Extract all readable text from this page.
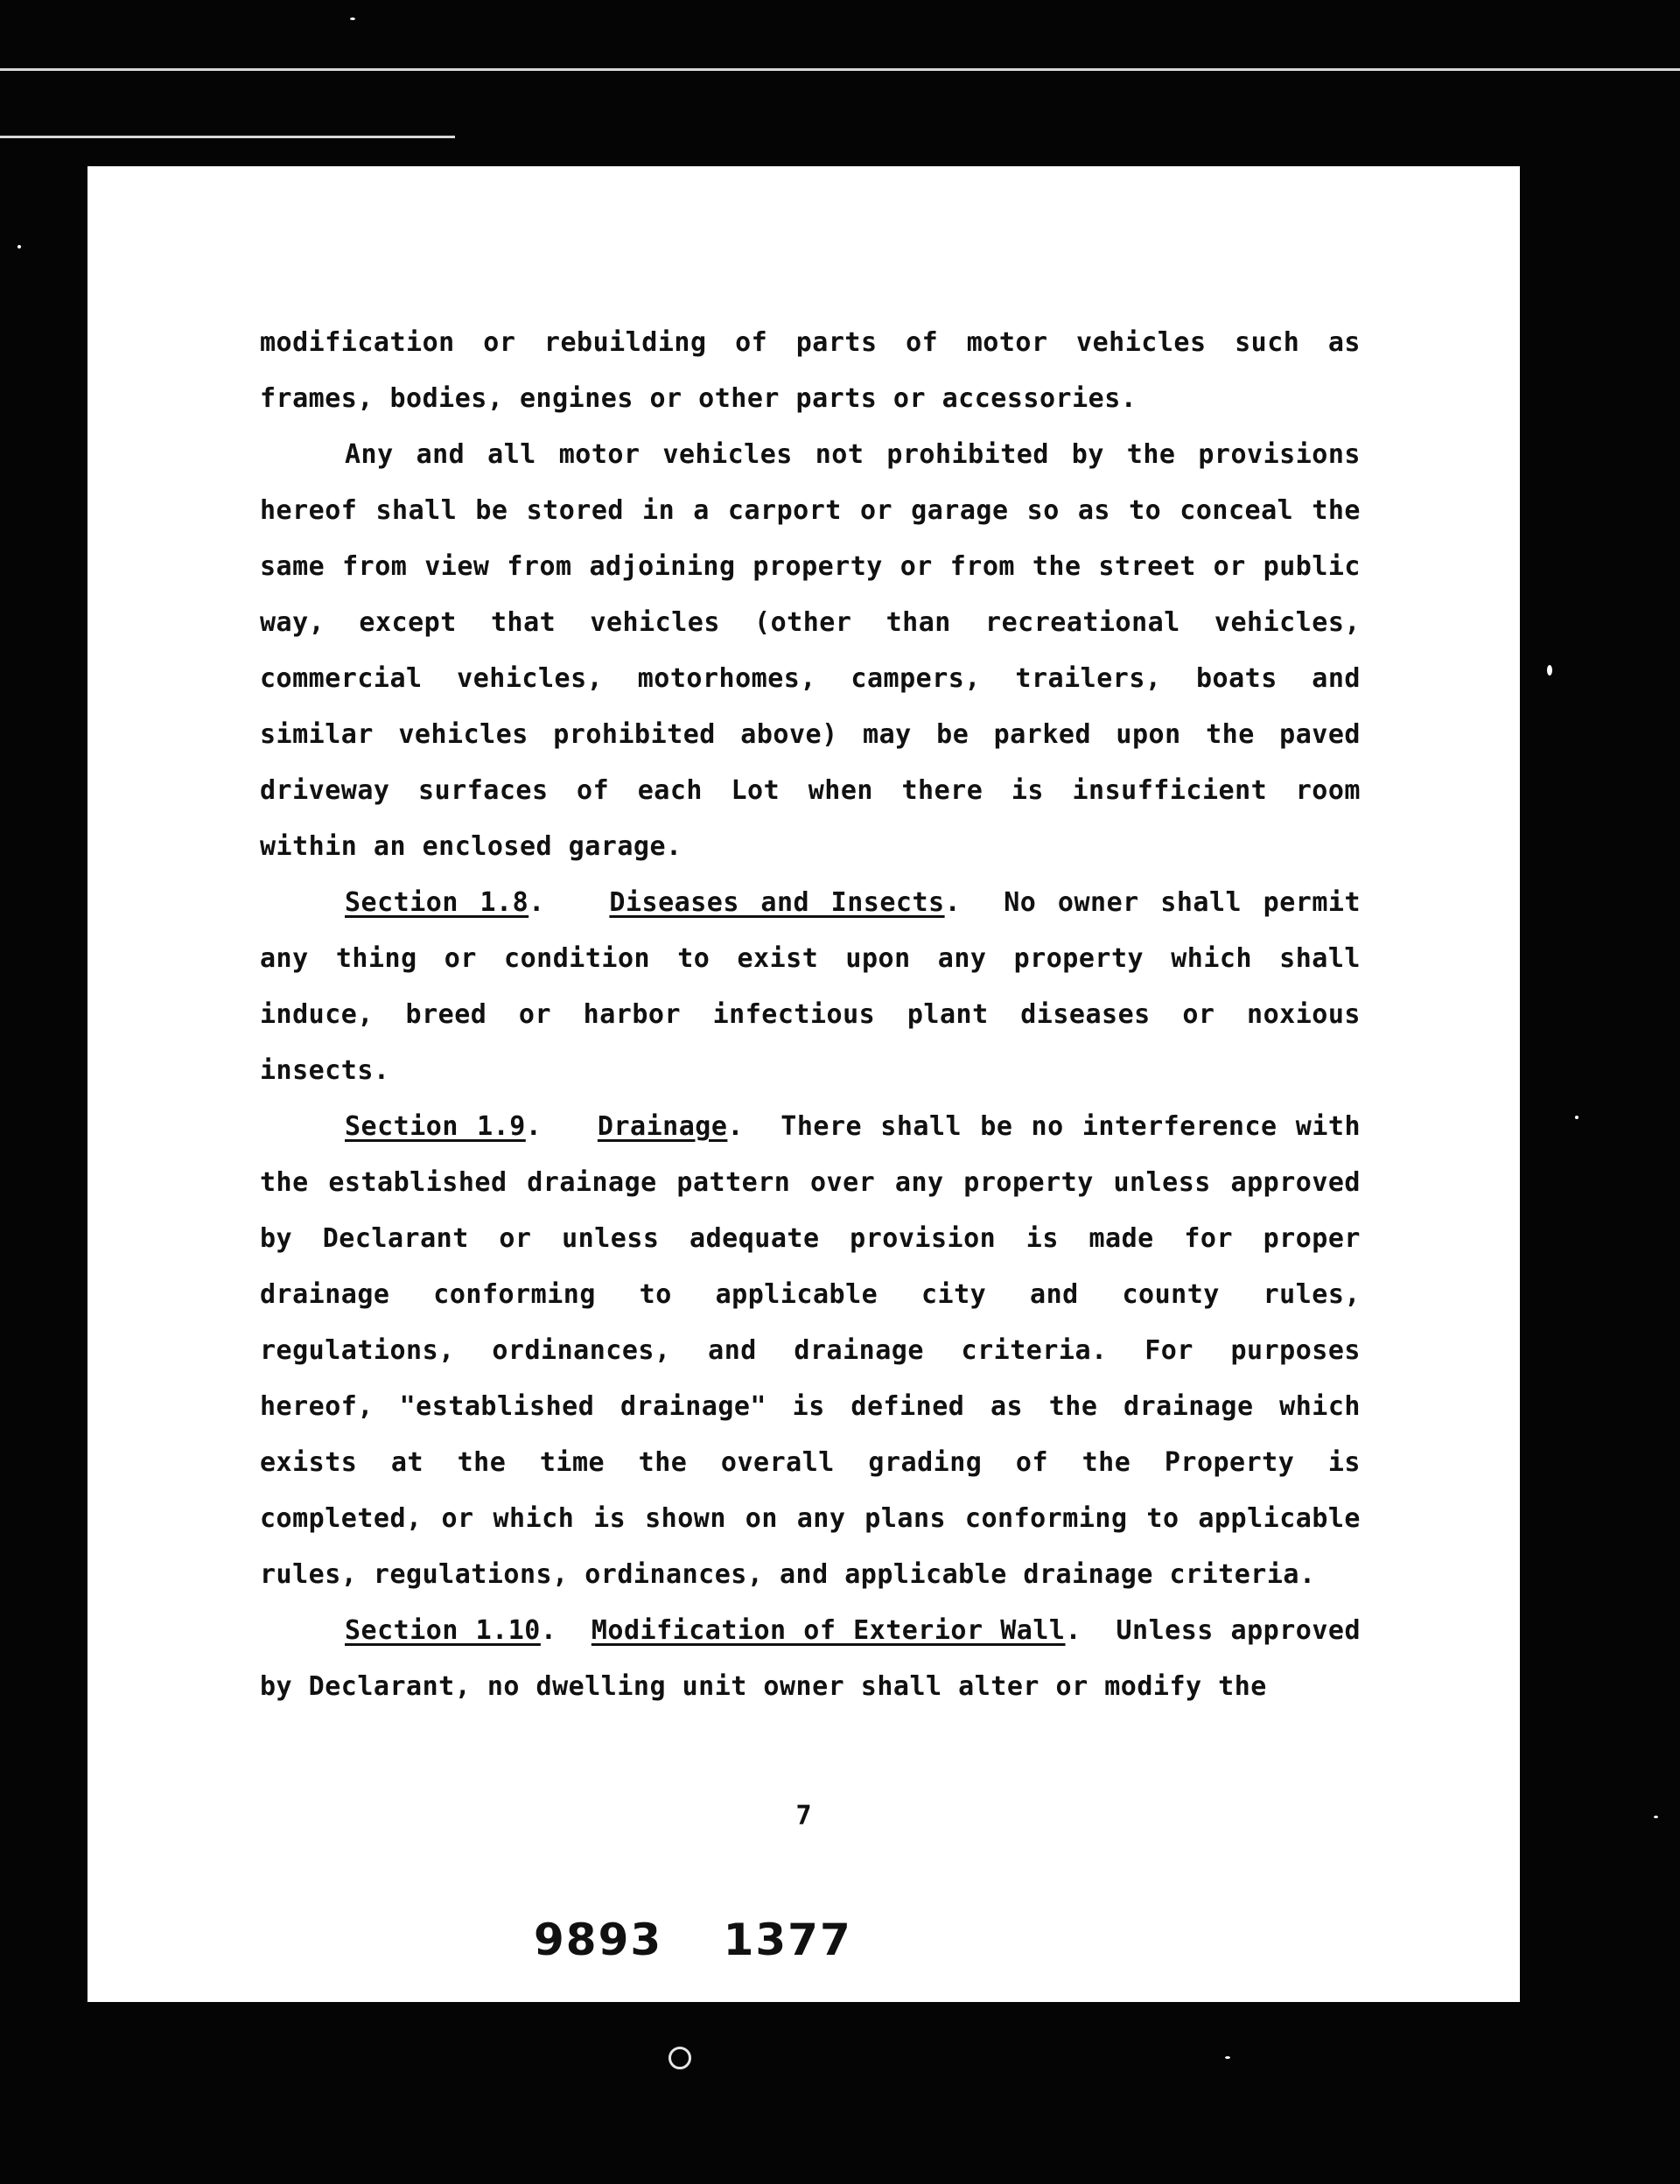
modification or rebuilding of parts of motor vehicles such as frames, bodies, engines or other parts or accessories.

Any and all motor vehicles not prohibited by the provisions hereof shall be stored in a carport or garage so as to conceal the same from view from adjoining property or from the street or public way, except that vehicles (other than recreational vehicles, commercial vehicles, motorhomes, campers, trailers, boats and similar vehicles prohibited above) may be parked upon the paved driveway surfaces of each Lot when there is insufficient room within an enclosed garage.

Section 1.8.   Diseases and Insects.  No owner shall permit any thing or condition to exist upon any property which shall induce, breed or harbor infectious plant diseases or noxious insects.

Section 1.9.   Drainage.  There shall be no interference with the established drainage pattern over any property unless approved by Declarant or unless adequate provision is made for proper drainage conforming to applicable city and county rules, regulations, ordinances, and drainage criteria. For purposes hereof, "established drainage" is defined as the drainage which exists at the time the overall grading of the Property is completed, or which is shown on any plans conforming to applicable rules, regulations, ordinances, and applicable drainage criteria.

Section 1.10.  Modification of Exterior Wall.  Unless approved by Declarant, no dwelling unit owner shall alter or modify the

7
9893 1377
